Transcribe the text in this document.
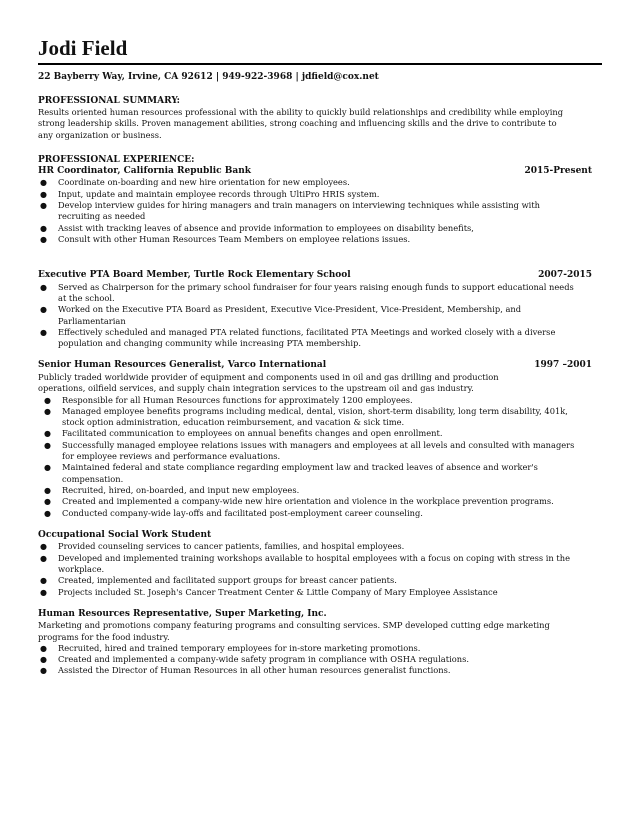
Jodi Field

22 Bayberry Way, Irvine, CA 92612 | 949-922-3968 | jdfield@cox.net

PROFESSIONAL SUMMARY:

Results oriented human resources professional with the ability to quickly build relationships and credibility while employing

strong leadership skills. Proven management abilities, strong coaching and influencing skills and the drive to contribute to

any organization or business.

PROFESSIONAL EXPERIENCE:

HR Coordinator, California Republic Bank	2015-Present
● Coordinate on-boarding and new hire orientation for new employees.
● Input, update and maintain employee records through UltiPro HRIS system.
● Develop interview guides for hiring managers and train managers on interviewing techniques while assisting with
recruiting as needed
● Assist with tracking leaves of absence and provide information to employees on disability benefits,
● Consult with other Human Resources Team Members on employee relations issues.
Executive PTA Board Member, Turtle Rock Elementary School	2007-2015
● Served as Chairperson for the primary school fundraiser for four years raising enough funds to support educational needs
at the school.
● Worked on the Executive PTA Board as President, Executive Vice-President, Vice-President, Membership, and
Parliamentarian
● Effectively scheduled and managed PTA related functions, facilitated PTA Meetings and worked closely with a diverse
population and changing community while increasing PTA membership.
Senior Human Resources Generalist, Varco International	1997 –2001

Publicly traded worldwide provider of equipment and components used in oil and gas drilling and production

operations, oilfield services, and supply chain integration services to the upstream oil and gas industry.

● Responsible for all Human Resources functions for approximately 1200 employees.
● Managed employee benefits programs including medical, dental, vision, short-term disability, long term disability, 401k,
stock option administration, education reimbursement, and vacation & sick time.
● Facilitated communication to employees on annual benefits changes and open enrollment.
● Successfully managed employee relations issues with managers and employees at all levels and consulted with managers
for employee reviews and performance evaluations.
● Maintained federal and state compliance regarding employment law and tracked leaves of absence and worker's
compensation.
● Recruited, hired, on-boarded, and input new employees.
● Created and implemented a company-wide new hire orientation and violence in the workplace prevention programs.
● Conducted company-wide lay-offs and facilitated post-employment career counseling.
Occupational Social Work Student
● Provided counseling services to cancer patients, families, and hospital employees.
● Developed and implemented training workshops available to hospital employees with a focus on coping with stress in the
workplace.
● Created, implemented and facilitated support groups for breast cancer patients.
● Projects included St. Joseph's Cancer Treatment Center & Little Company of Mary Employee Assistance
Human Resources Representative, Super Marketing, Inc.

Marketing and promotions company featuring programs and consulting services. SMP developed cutting edge marketing

programs for the food industry.

● Recruited, hired and trained temporary employees for in-store marketing promotions.
● Created and implemented a company-wide safety program in compliance with OSHA regulations.
● Assisted the Director of Human Resources in all other human resources generalist functions.
